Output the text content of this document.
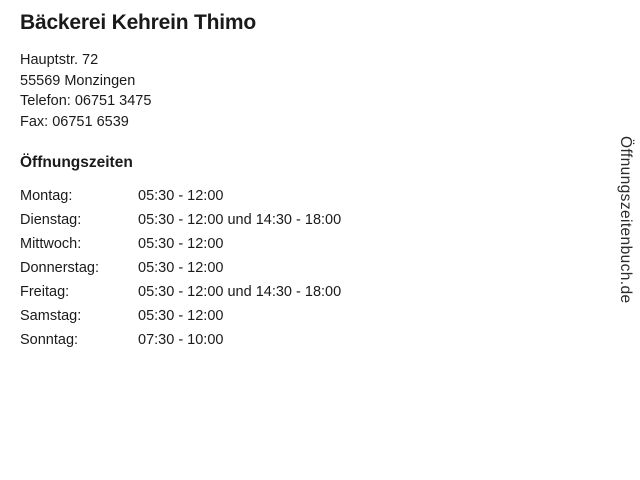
Bäckerei Kehrein Thimo
Hauptstr. 72
55569 Monzingen
Telefon: 06751 3475
Fax: 06751 6539
Öffnungszeiten
Montag:	05:30 - 12:00
Dienstag:	05:30 - 12:00 und 14:30 - 18:00
Mittwoch:	05:30 - 12:00
Donnerstag:	05:30 - 12:00
Freitag:	05:30 - 12:00 und 14:30 - 18:00
Samstag:	05:30 - 12:00
Sonntag:	07:30 - 10:00
Öffnungszeitenbuch.de
